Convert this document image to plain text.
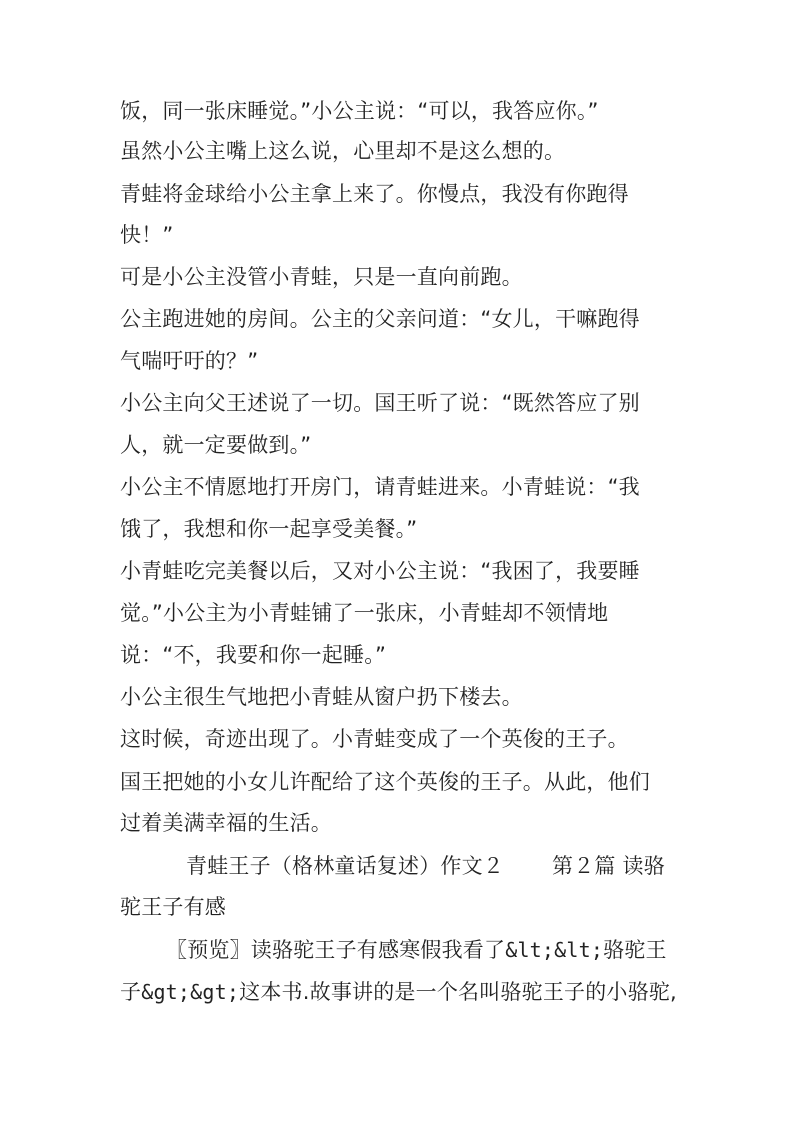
饭，同一张床睡觉。”小公主说：“可以，我答应你。”
虽然小公主嘴上这么说，心里却不是这么想的。
青蛙将金球给小公主拿上来了。你慢点，我没有你跑得
快！”
可是小公主没管小青蛙，只是一直向前跑。
公主跑进她的房间。公主的父亲问道：“女儿，干嘛跑得
气喘吁吁的？”
小公主向父王述说了一切。国王听了说：“既然答应了别
人，就一定要做到。”
小公主不情愿地打开房门，请青蛙进来。小青蛙说：“我
饿了，我想和你一起享受美餐。”
小青蛙吃完美餐以后，又对小公主说：“我困了，我要睡
觉。”小公主为小青蛙铺了一张床，小青蛙却不领情地
说：“不，我要和你一起睡。”
小公主很生气地把小青蛙从窗户扔下楼去。
这时候，奇迹出现了。小青蛙变成了一个英俊的王子。
国王把她的小女儿许配给了这个英俊的王子。从此，他们
过着美满幸福的生活。
青蛙王子（格林童话复述）作文２ 第２篇 读骆
驼王子有感
〖预览〗读骆驼王子有感寒假我看了&lt;&lt;骆驼王
子&gt;&gt;这本书.故事讲的是一个名叫骆驼王子的小骆驼,
